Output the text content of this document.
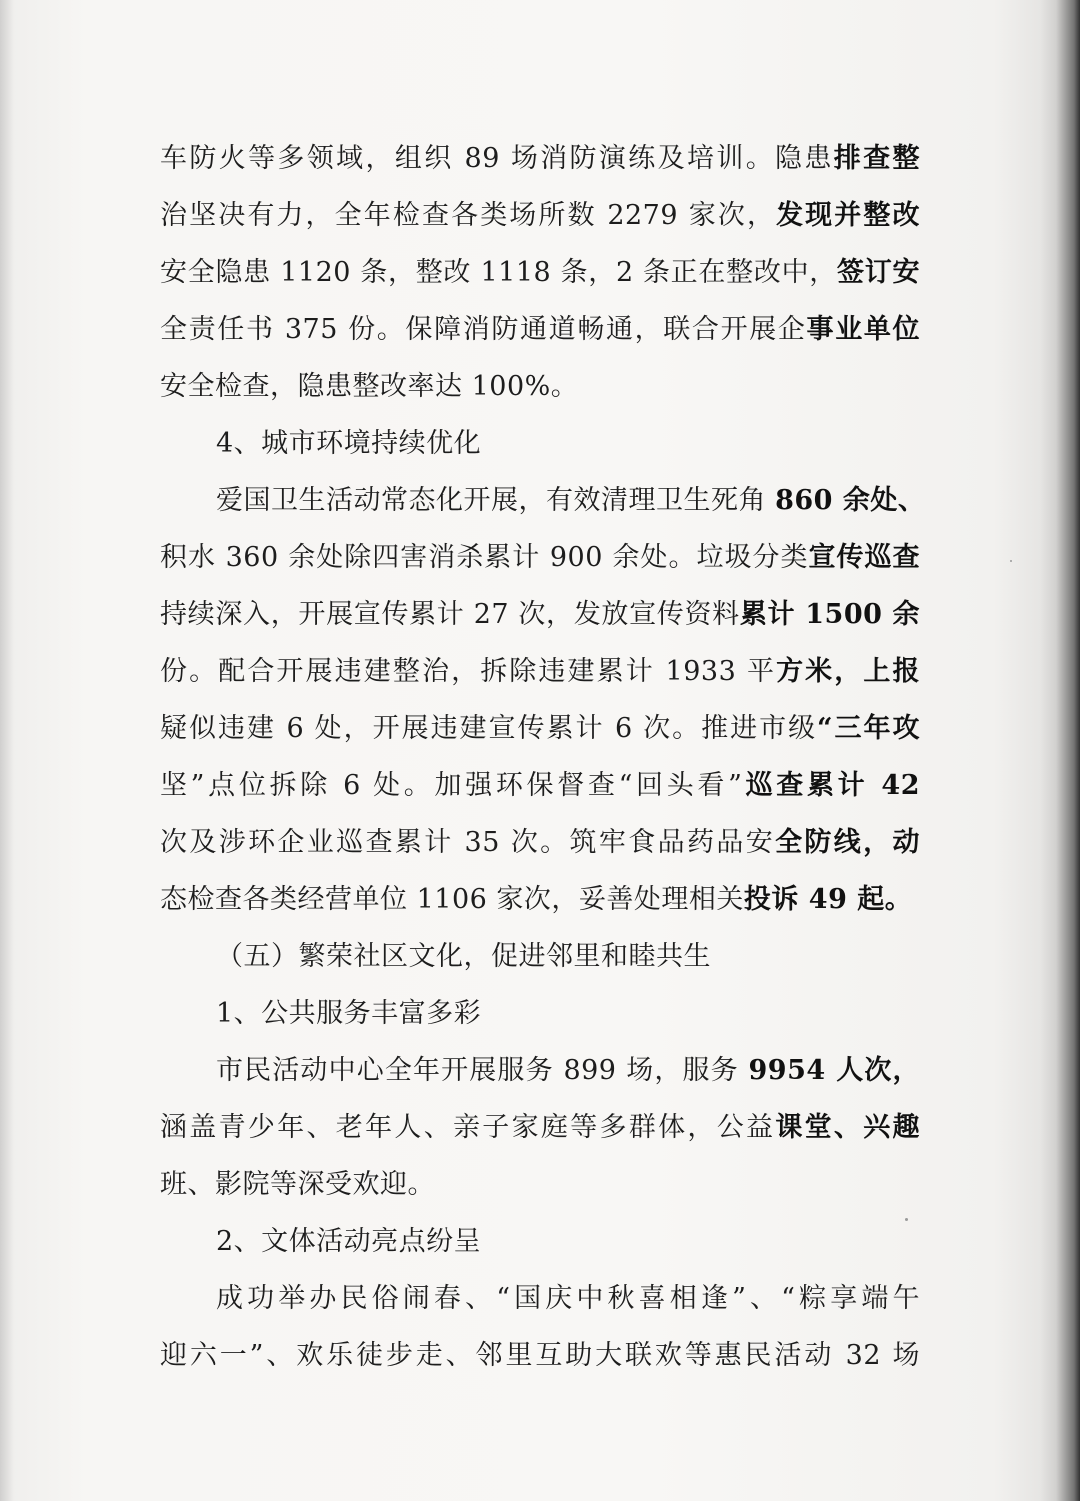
车防火等多领域，组织 89 场消防演练及培训。隐患排查整
治坚决有力，全年检查各类场所数 2279 家次，发现并整改
安全隐患 1120 条，整改 1118 条，2 条正在整改中，签订安
全责任书 375 份。保障消防通道畅通，联合开展企事业单位
安全检查，隐患整改率达 100%。
4、城市环境持续优化
爱国卫生活动常态化开展，有效清理卫生死角 860 余处、
积水 360 余处除四害消杀累计 900 余处。垃圾分类宣传巡查
持续深入，开展宣传累计 27 次，发放宣传资料累计 1500 余
份。配合开展违建整治，拆除违建累计 1933 平方米，上报
疑似违建 6 处，开展违建宣传累计 6 次。推进市级“三年攻
坚”点位拆除 6 处。加强环保督查“回头看”巡查累计 42
次及涉环企业巡查累计 35 次。筑牢食品药品安全防线，动
态检查各类经营单位 1106 家次，妥善处理相关投诉 49 起。
（五）繁荣社区文化，促进邻里和睦共生
1、公共服务丰富多彩
市民活动中心全年开展服务 899 场，服务 9954 人次，
涵盖青少年、老年人、亲子家庭等多群体，公益课堂、兴趣
班、影院等深受欢迎。
2、文体活动亮点纷呈
成功举办民俗闹春、“国庆中秋喜相逢”、“粽享端午
迎六一”、欢乐徒步走、邻里互助大联欢等惠民活动 32 场
